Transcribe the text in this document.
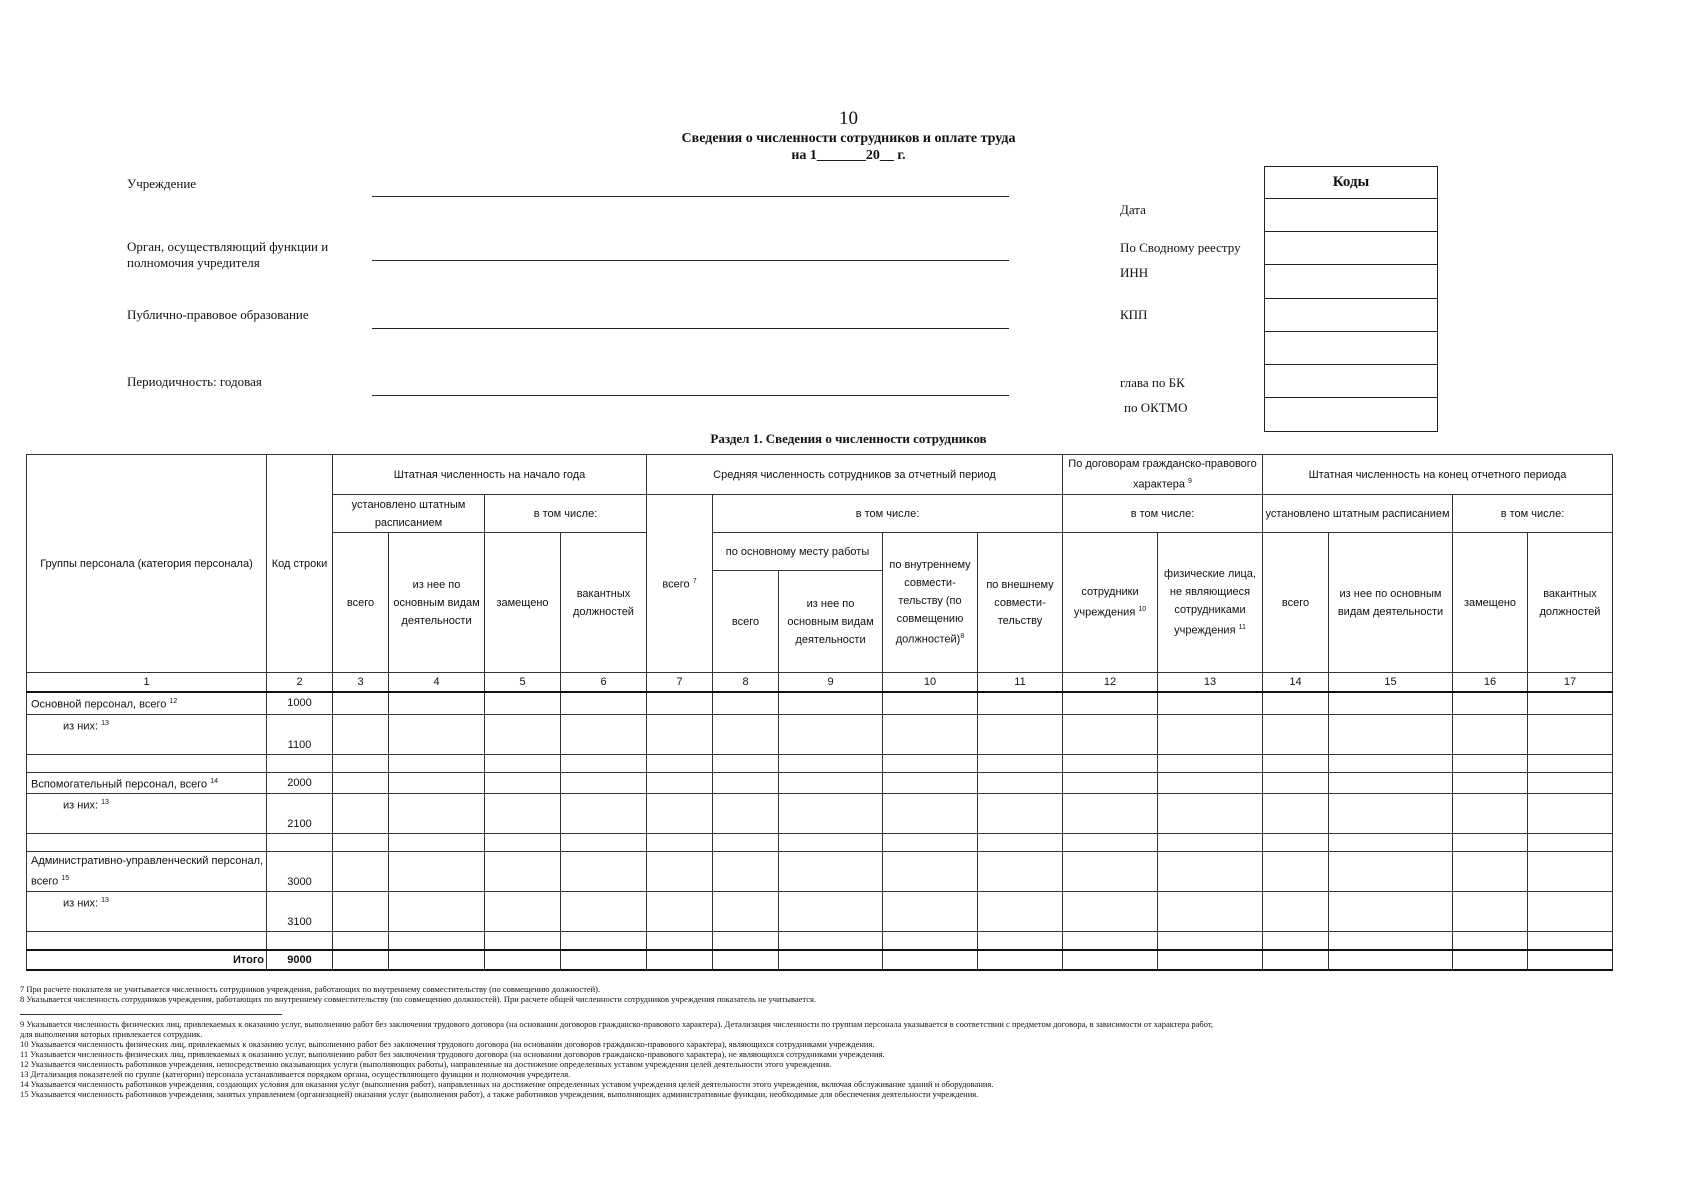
10
Сведения о численности сотрудников и оплате труда
на 1_______20__ г.
Учреждение
Орган, осуществляющий функции и полномочия учредителя
Публично-правовое образование
Периодичность: годовая
Дата
По Сводному реестру
ИНН
КПП
глава по БК
по ОКТМО
Коды
Раздел 1. Сведения о численности сотрудников
Группы персонала (категория персонала)	Код строки	Штатная численность на начало года				Средняя численность сотрудников за отчетный период					По договорам гражданско-правового характера $^9$		Штатная численность на конец отчетного периода			
		установлено штатным расписанием		в том числе:		всего $^7$	в том числе:				в том числе:		установлено штатным расписанием		в том числе:	
		всего	из нее по основным видам деятельности	замещено	вакантных должностей		по основному месту работы		по внутреннему совмести-тельству (по совмещению должностей)$^8$	по внешнему совмести-тельству	сотрудники учреждения $^{10}$	физические лица, не являющиеся сотрудниками учреждения $^{11}$	всего	из нее по основным видам деятельности	замещено	вакантных должностей
							всего	из нее по основным видам деятельности								

1	2	3	4	5	6	7	8	9	10	11	12	13	14	15	16	17
Основной персонал, всего $^{12}$	1000															
из них: $^{13}$	1100															

Вспомогательный персонал, всего $^{14}$	2000															
из них: $^{13}$	2100															

Административно-управленческий персонал, всего $^{15}$	3000															
из них: $^{13}$	3100															

Итого	9000															
7 При расчете показателя не учитывается численность сотрудников учреждения, работающих по внутреннему совместительству (по совмещению должностей).
8 Указывается численность сотрудников учреждения, работающих по внутреннему совместительству (по совмещению должностей). При расчете общей численности сотрудников учреждения показатель не учитывается.
9 Указывается численность физических лиц, привлекаемых к оказанию услуг, выполнению работ без заключения трудового договора (на основании договоров гражданско-правового характера). Детализация численности по группам персонала указывается в соответствии с предметом договора, в зависимости от характера работ,
для выполнения которых привлекается сотрудник.
10 Указывается численность физических лиц, привлекаемых к оказанию услуг, выполнению работ без заключения трудового договора (на основании договоров гражданско-правового характера), являющихся сотрудниками учреждения.
11 Указывается численность физических лиц, привлекаемых к оказанию услуг, выполнению работ без заключения трудового договора (на основании договоров гражданско-правового характера), не являющихся сотрудниками учреждения.
12 Указывается численность работников учреждения, непосредственно оказывающих услуги (выполняющих работы), направленные на достижение определенных уставом учреждения целей деятельности этого учреждения.
13 Детализация показателей по группе (категории) персонала устанавливается порядком органа, осуществляющего функции и полномочия учредителя.
14 Указывается численность работников учреждения, создающих условия для оказания услуг (выполнения работ), направленных на достижение определенных уставом учреждения целей деятельности этого учреждения, включая обслуживание зданий и оборудования.
15 Указывается численность работников учреждения, занятых управлением (организацией) оказания услуг (выполнения работ), а также работников учреждения, выполняющих административные функции, необходимые для обеспечения деятельности учреждения.
